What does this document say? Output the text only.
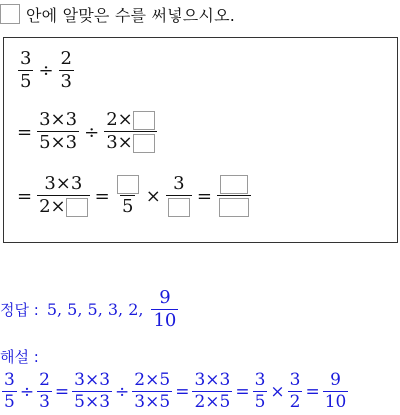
안에 알맞은 수를 써넣으시오.
$\frac{3}{5} \div \frac{2}{3}$
= $\frac{3\times 3}{5\times 3} \div \frac{2\times}{3\times}$
= $\frac{3\times 3}{2\times}$ =
5
×
3
=
정답 : 5, 5, 5, 3, 2, $\frac{9}{10}$
해설 :
$\frac{3}{5} \div \frac{2}{3} = \frac{3\times 3}{5\times 3} \div \frac{2\times 5}{3\times 5} = \frac{3\times 3}{2\times 5} = \frac{3}{5} \times \frac{3}{2} = \frac{9}{10}$
